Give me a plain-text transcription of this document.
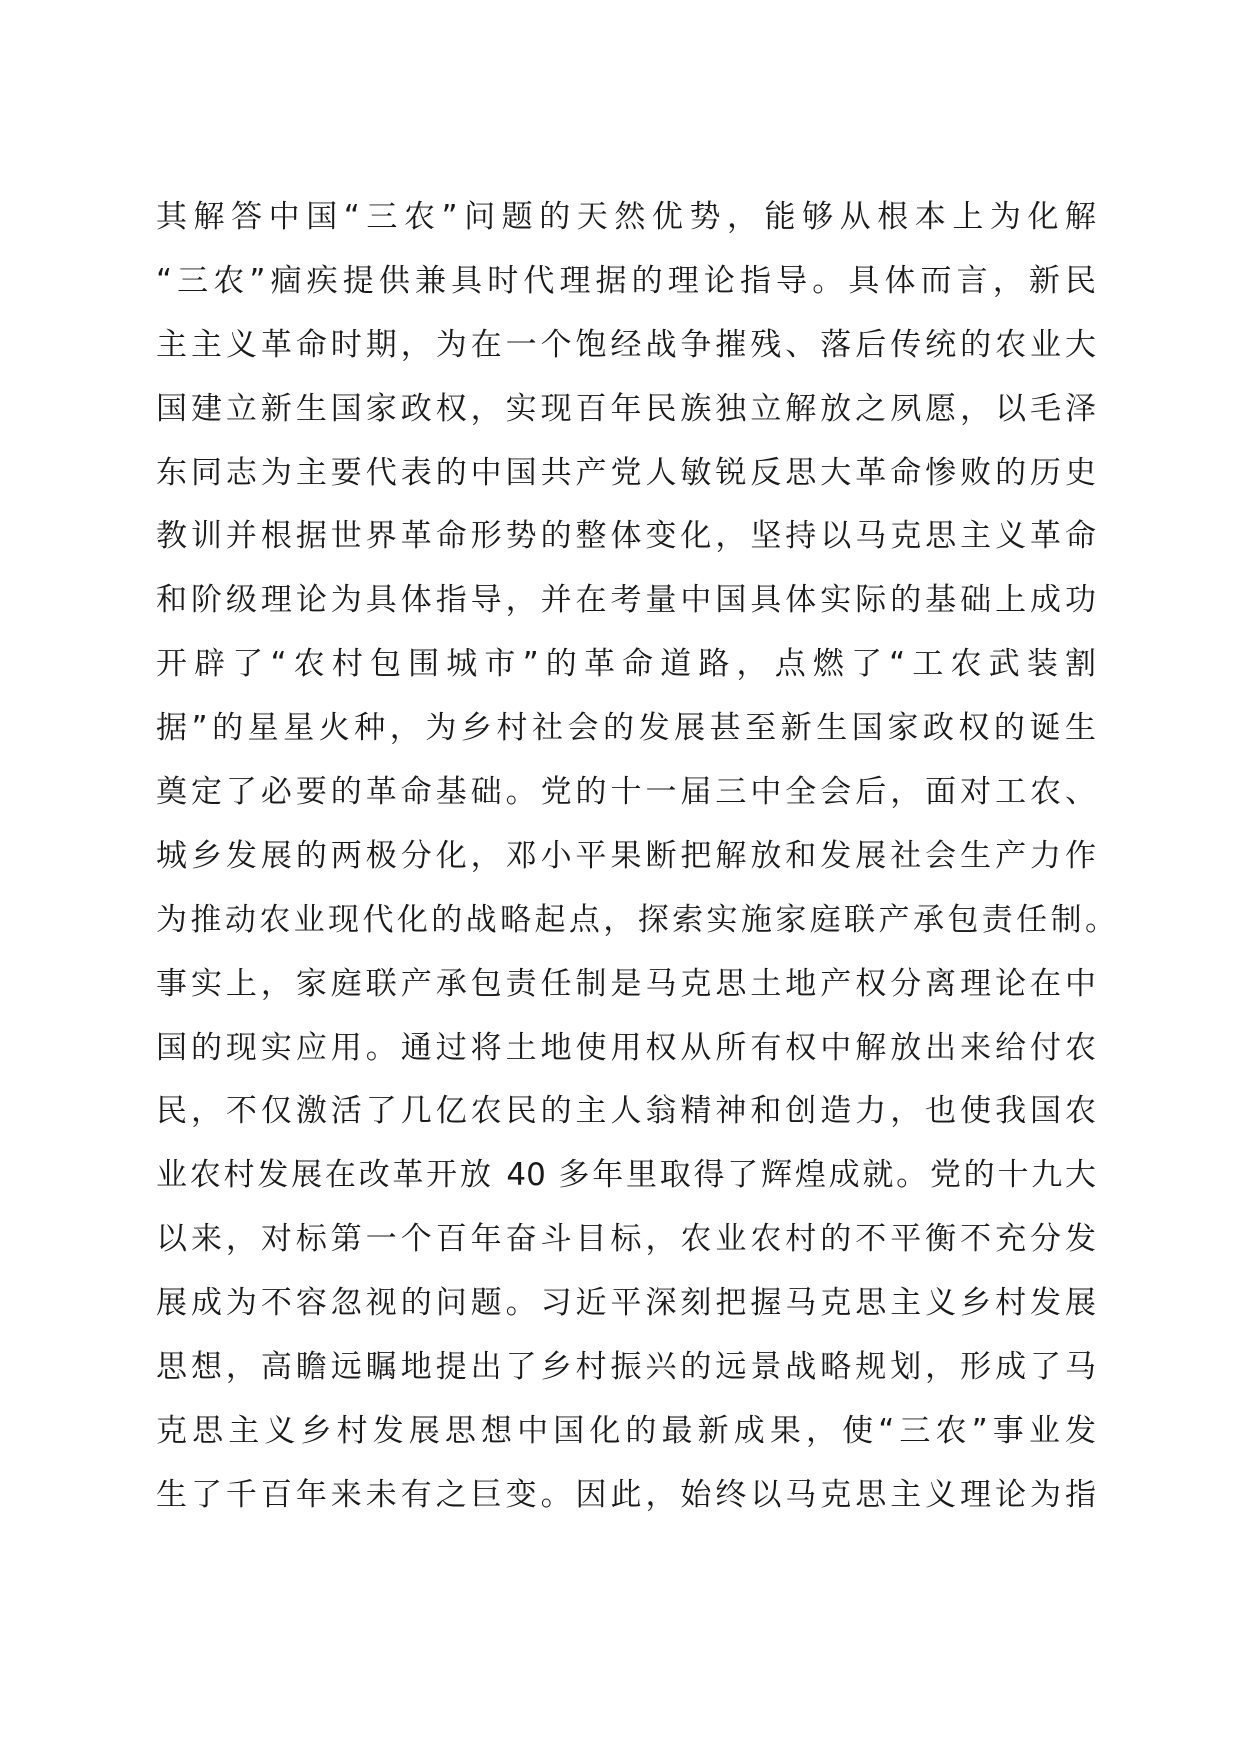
其解答中国“三农”问题的天然优势，能够从根本上为化解
“三农”痼疾提供兼具时代理据的理论指导。具体而言，新民
主主义革命时期，为在一个饱经战争摧残、落后传统的农业大
国建立新生国家政权，实现百年民族独立解放之夙愿，以毛泽
东同志为主要代表的中国共产党人敏锐反思大革命惨败的历史
教训并根据世界革命形势的整体变化，坚持以马克思主义革命
和阶级理论为具体指导，并在考量中国具体实际的基础上成功
开辟了“农村包围城市”的革命道路，点燃了“工农武装割
据”的星星火种，为乡村社会的发展甚至新生国家政权的诞生
奠定了必要的革命基础。党的十一届三中全会后，面对工农、
城乡发展的两极分化，邓小平果断把解放和发展社会生产力作
为推动农业现代化的战略起点，探索实施家庭联产承包责任制。
事实上，家庭联产承包责任制是马克思土地产权分离理论在中
国的现实应用。通过将土地使用权从所有权中解放出来给付农
民，不仅激活了几亿农民的主人翁精神和创造力，也使我国农
业农村发展在改革开放 40 多年里取得了辉煌成就。党的十九大
以来，对标第一个百年奋斗目标，农业农村的不平衡不充分发
展成为不容忽视的问题。习近平深刻把握马克思主义乡村发展
思想，高瞻远瞩地提出了乡村振兴的远景战略规划，形成了马
克思主义乡村发展思想中国化的最新成果，使“三农”事业发
生了千百年来未有之巨变。因此，始终以马克思主义理论为指
